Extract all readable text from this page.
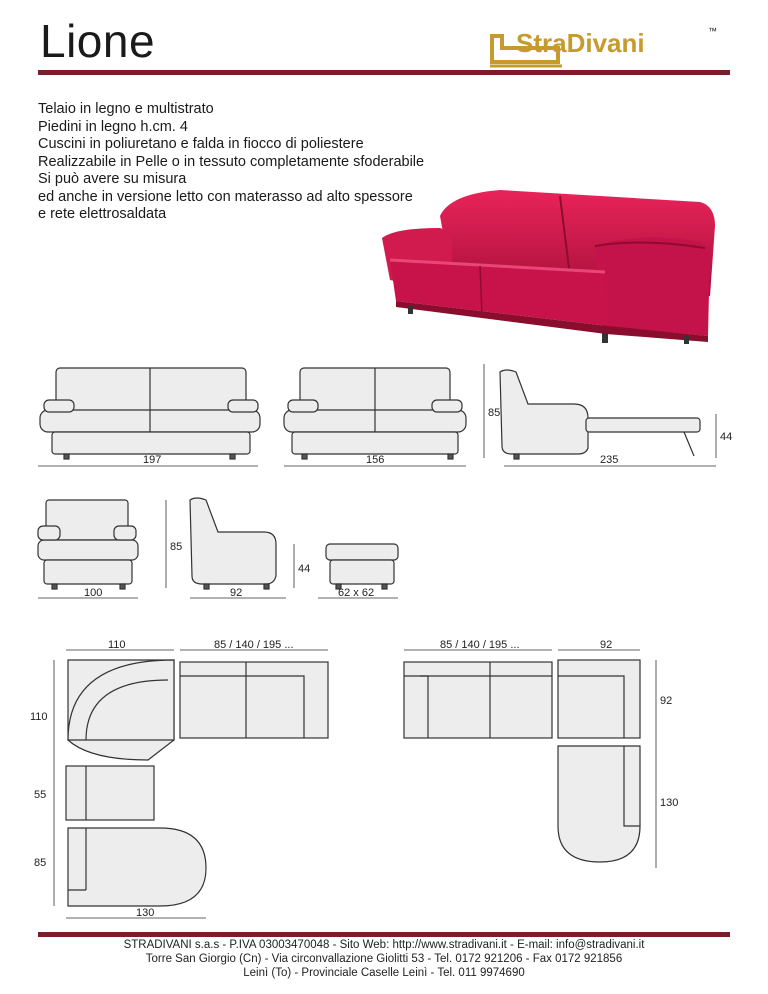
Lione	StraDivani	™
Telaio in legno e multistrato
Piedini in legno h.cm. 4
Cuscini in poliuretano e falda in fiocco di poliestere
Realizzabile in Pelle o in tessuto completamente sfoderabile
Si può avere su misura
ed anche in versione letto con materasso ad alto spessore
e rete elettrosaldata
197	156	235
85
44
100	92
85
44
62 x 62
110	85 / 140 / 195 ...
110
55
85
130
85 / 140 / 195 ...	92
92
130
STRADIVANI s.a.s - P.IVA 03003470048 - Sito Web: http://www.stradivani.it - E-mail: info@stradivani.it
Torre San Giorgio (Cn) - Via circonvallazione Giolitti 53 - Tel. 0172 921206 - Fax 0172 921856
Leinì (To) - Provinciale Caselle Leinì - Tel. 011 9974690
